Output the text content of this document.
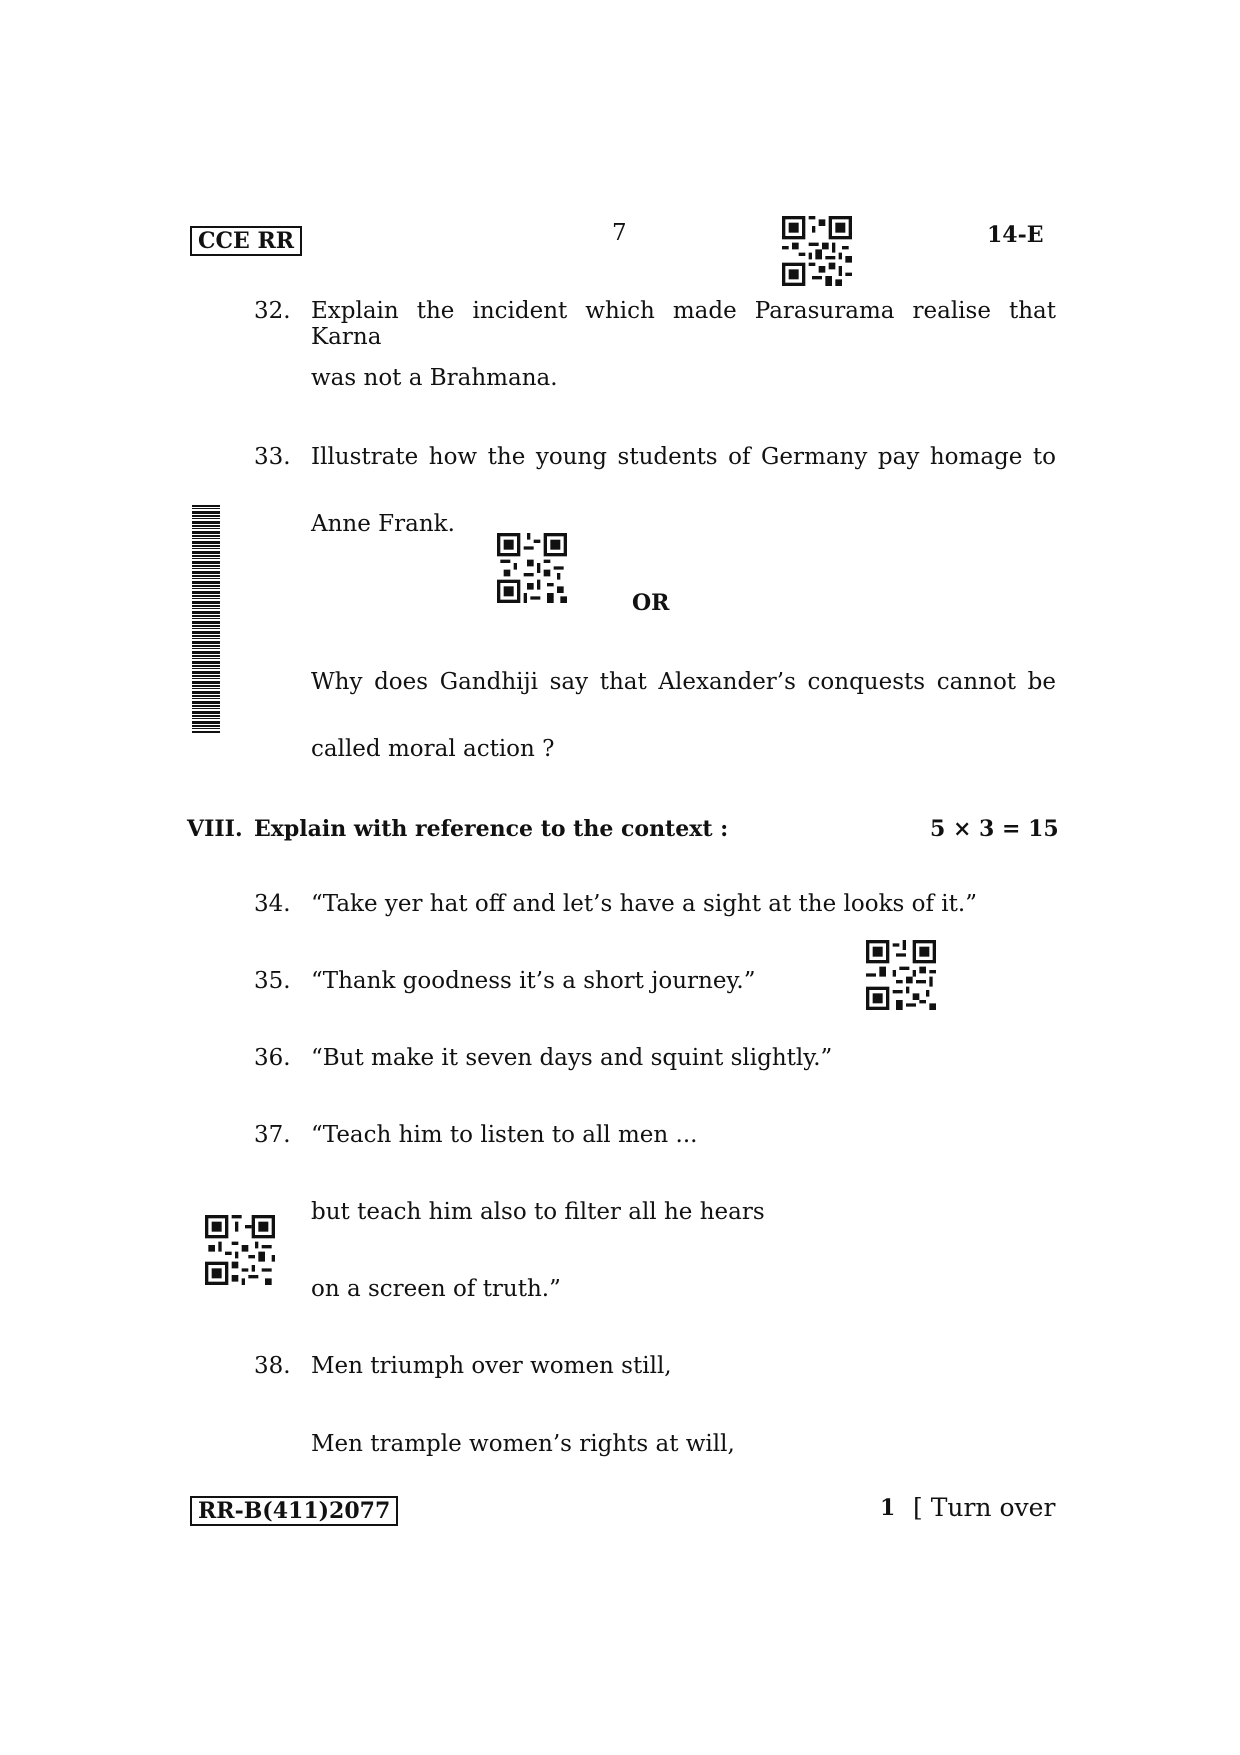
CCE RR	7	14-E
32. Explain the incident which made Parasurama realise that Karna
was not a Brahmana.
33. Illustrate how the young students of Germany pay homage to
Anne Frank.
OR
Why does Gandhiji say that Alexander’s conquests cannot be
called moral action ?
VIII. Explain with reference to the context :	5 × 3 = 15
34. “Take yer hat off and let’s have a sight at the looks of it.”
35. “Thank goodness it’s a short journey.”
36. “But make it seven days and squint slightly.”
37. “Teach him to listen to all men ...
but teach him also to filter all he hears
on a screen of truth.”
38. Men triumph over women still,
Men trample women’s rights at will,
RR-B(411)2077	1 [ Turn over
